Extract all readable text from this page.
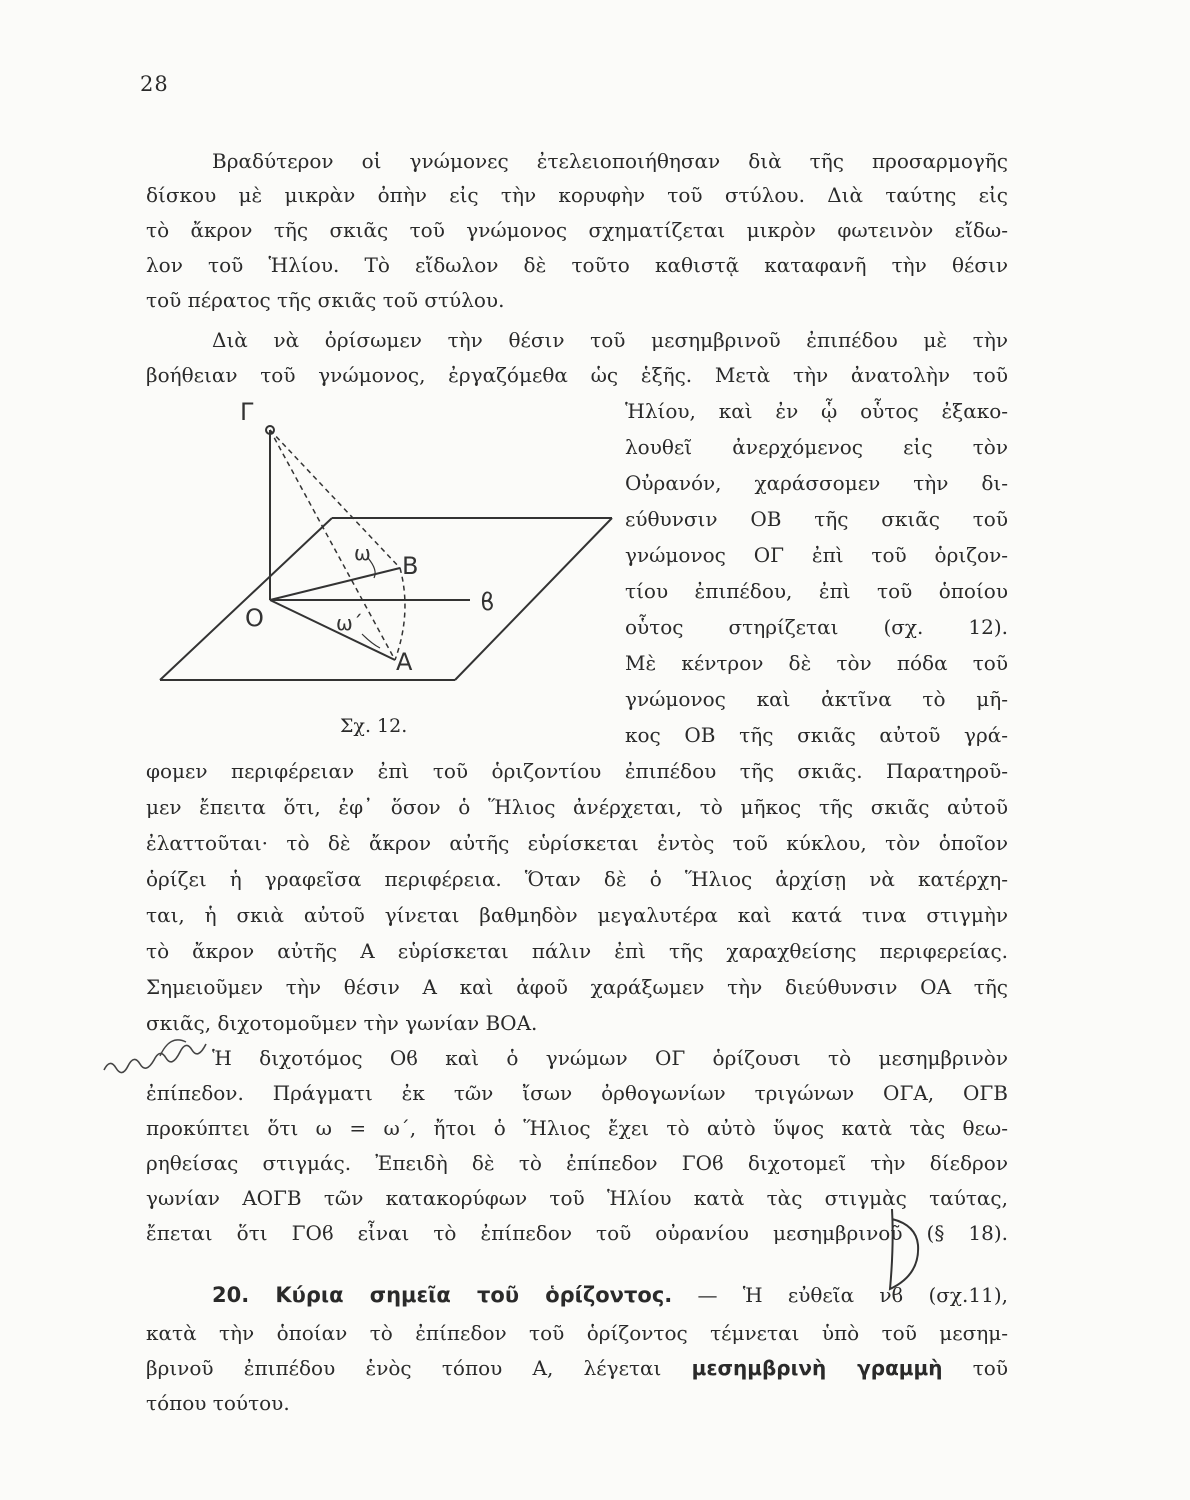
28
Βραδύτερον οἱ γνώμονες ἐτελειοποιήθησαν διὰ τῆς προσαρμογῆς
δίσκου μὲ μικρὰν ὀπὴν εἰς τὴν κορυφὴν τοῦ στύλου. Διὰ ταύτης εἰς
τὸ ἄκρον τῆς σκιᾶς τοῦ γνώμονος σχηματίζεται μικρὸν φωτεινὸν εἴδω-
λον τοῦ Ἡλίου. Τὸ εἴδωλον δὲ τοῦτο καθιστᾷ καταφανῆ τὴν θέσιν
τοῦ πέρατος τῆς σκιᾶς τοῦ στύλου.
Διὰ νὰ ὁρίσωμεν τὴν θέσιν τοῦ μεσημβρινοῦ ἐπιπέδου μὲ τὴν
βοήθειαν τοῦ γνώμονος, ἐργαζόμεθα ὡς ἑξῆς. Μετὰ τὴν ἀνατολὴν τοῦ
Ἡλίου, καὶ ἐν ᾧ οὗτος ἐξακο-
λουθεῖ ἀνερχόμενος εἰς τὸν
Οὐρανόν, χαράσσομεν τὴν δι-
εύθυνσιν ΟΒ τῆς σκιᾶς τοῦ
γνώμονος ΟΓ ἐπὶ τοῦ ὁριζον-
τίου ἐπιπέδου, ἐπὶ τοῦ ὁποίου
οὗτος στηρίζεται (σχ. 12).
Μὲ κέντρον δὲ τὸν πόδα τοῦ
γνώμονος καὶ ἀκτῖνα τὸ μῆ-
κος ΟΒ τῆς σκιᾶς αὐτοῦ γρά-
φομεν περιφέρειαν ἐπὶ τοῦ ὁριζοντίου ἐπιπέδου τῆς σκιᾶς. Παρατηροῦ-
μεν ἔπειτα ὅτι, ἐφ᾽ ὅσον ὁ Ἥλιος ἀνέρχεται, τὸ μῆκος τῆς σκιᾶς αὐτοῦ
ἐλαττοῦται· τὸ δὲ ἄκρον αὐτῆς εὑρίσκεται ἐντὸς τοῦ κύκλου, τὸν ὁποῖον
ὁρίζει ἡ γραφεῖσα περιφέρεια. Ὅταν δὲ ὁ Ἥλιος ἀρχίσῃ νὰ κατέρχη-
ται, ἡ σκιὰ αὐτοῦ γίνεται βαθμηδὸν μεγαλυτέρα καὶ κατά τινα στιγμὴν
τὸ ἄκρον αὐτῆς Α εὑρίσκεται πάλιν ἐπὶ τῆς χαραχθείσης περιφερείας.
Σημειοῦμεν τὴν θέσιν Α καὶ ἀφοῦ χαράξωμεν τὴν διεύθυνσιν ΟΑ τῆς
σκιᾶς, διχοτομοῦμεν τὴν γωνίαν ΒΟΑ.
Ἡ διχοτόμος Οϐ καὶ ὁ γνώμων ΟΓ ὁρίζουσι τὸ μεσημβρινὸν
ἐπίπεδον. Πράγματι ἐκ τῶν ἴσων ὀρθογωνίων τριγώνων ΟΓΑ, ΟΓΒ
προκύπτει ὅτι ω = ω΄, ἤτοι ὁ Ἥλιος ἔχει τὸ αὐτὸ ὕψος κατὰ τὰς θεω-
ρηθείσας στιγμάς. Ἐπειδὴ δὲ τὸ ἐπίπεδον ΓΟϐ διχοτομεῖ τὴν δίεδρον
γωνίαν ΑΟΓΒ τῶν κατακορύφων τοῦ Ἡλίου κατὰ τὰς στιγμὰς ταύτας,
ἔπεται ὅτι ΓΟϐ εἶναι τὸ ἐπίπεδον τοῦ οὐρανίου μεσημβρινοῦ (§ 18).
20. Κύρια σημεῖα τοῦ ὁρίζοντος. — Ἡ εὐθεῖα νϐ (σχ.11),
κατὰ τὴν ὁποίαν τὸ ἐπίπεδον τοῦ ὁρίζοντος τέμνεται ὑπὸ τοῦ μεσημ-
βρινοῦ ἐπιπέδου ἑνὸς τόπου Α, λέγεται μεσημβρινὴ γραμμὴ τοῦ
τόπου τούτου.
Γ
Β
ϐ
Ο
Α
ω
ω΄
Σχ. 12.
